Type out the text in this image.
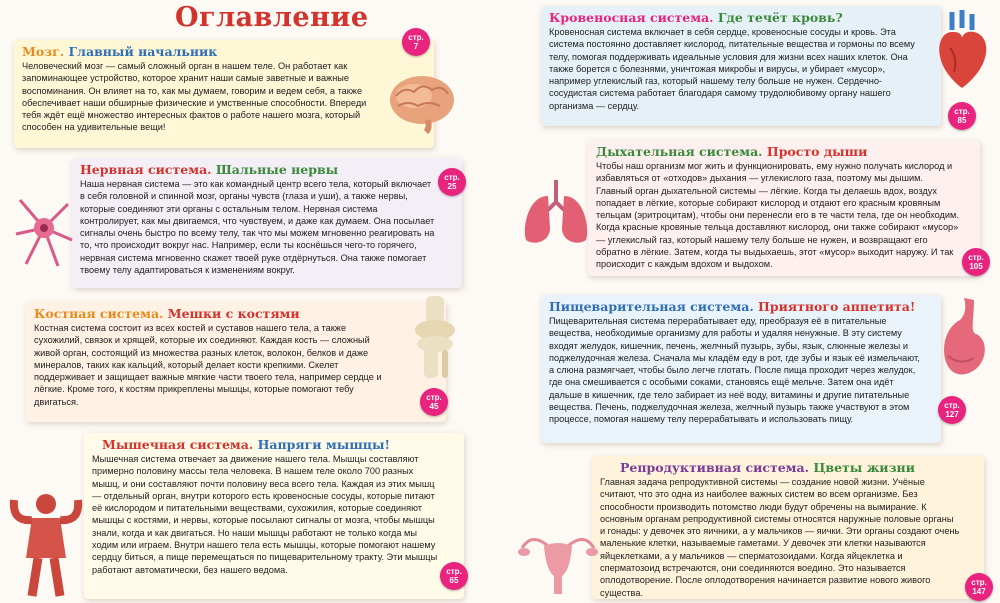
Оглавление
Мозг. Главный начальник
Человеческий мозг — самый сложный орган в нашем теле. Он работает как запоминающее устройство, которое хранит наши самые заветные и важные воспоминания. Он влияет на то, как мы думаем, говорим и ведем себя, а также обеспечивает наши обширные физические и умственные способности. Впереди тебя ждёт ещё множество интересных фактов о работе нашего мозга, который способен на удивительные вещи!
стр.
7
Нервная система. Шальные нервы
Наша нервная система — это как командный центр всего тела, который включает в себя головной и спинной мозг, органы чувств (глаза и уши), а также нервы, которые соединяют эти органы с остальным телом. Нервная система контролирует, как мы двигаемся, что чувствуем, и даже как думаем. Она посылает сигналы очень быстро по всему телу, так что мы можем мгновенно реагировать на то, что происходит вокруг нас. Например, если ты коснёшься чего-то горячего, нервная система мгновенно скажет твоей руке отдёрнуться. Она также помогает твоему телу адаптироваться к изменениям вокруг.
стр.
25
Костная система. Мешки с костями
Костная система состоит из всех костей и суставов нашего тела, а также сухожилий, связок и хрящей, которые их соединяют. Каждая кость — сложный живой орган, состоящий из множества разных клеток, волокон, белков и даже минералов, таких как кальций, который делает кости крепкими. Скелет поддерживает и защищает важные мягкие части твоего тела, например сердце и лёгкие. Кроме того, к костям прикреплены мышцы, которые помогают тебу двигаться.	стр.
45
Мышечная система. Напряги мышцы!
Мышечная система отвечает за движение нашего тела. Мышцы составляют примерно половину массы тела человека. В нашем теле около 700 разных мышц, и они составляют почти половину веса всего тела. Каждая из этих мышц — отдельный орган, внутри которого есть кровеносные сосуды, которые питают её кислородом и питательными веществами, сухожилия, которые соединяют мышцы с костями, и нервы, которые посылают сигналы от мозга, чтобы мышцы знали, когда и как двигаться. Но наши мышцы работают не только когда мы ходим или играем. Внутри нашего тела есть мышцы, которые помогают нашему сердцу биться, а пище перемещаться по пищеварительному тракту. Эти мышцы работают автоматически, без нашего ведома.	стр.
65
Кровеносная система. Где течёт кровь?
Кровеносная система включает в себя сердце, кровеносные сосуды и кровь. Эта система постоянно доставляет кислород, питательные вещества и гормоны по всему телу, помогая поддерживать идеальные условия для жизни всех наших клеток. Она также борется с болезнями, уничтожая микробы и вирусы, и убирает «мусор», например углекислый газ, который нашему телу больше не нужен. Сердечно-сосудистая система работает благодаря самому трудолюбивому органу нашего организма — сердцу.
стр.
85
Дыхательная система. Просто дыши
Чтобы наш организм мог жить и функционировать, ему нужно получать кислород и избавляться от «отходов» дыхания — углекислого газа, поэтому мы дышим. Главный орган дыхательной системы — лёгкие. Когда ты делаешь вдох, воздух попадает в лёгкие, которые собирают кислород и отдают его красным кровяным тельцам (эритроцитам), чтобы они перенесли его в те части тела, где он необходим. Когда красные кровяные тельца доставляют кислород, они также собирают «мусор» — углекислый газ, который нашему телу больше не нужен, и возвращают его обратно в лёгкие. Затем, когда ты выдыхаешь, этот «мусор» выходит наружу. И так происходит с каждым вдохом и выдохом.
стр.
105
Пищеварительная система. Приятного аппетита!
Пищеварительная система перерабатывает еду, преобразуя её в питательные вещества, необходимые организму для работы и удаляя ненужные. В эту систему входят желудок, кишечник, печень, желчный пузырь, зубы, язык, слюнные железы и поджелудочная железа. Сначала мы кладём еду в рот, где зубы и язык её измельчают, а слюна размягчает, чтобы было легче глотать. После пища проходит через желудок, где она смешивается с особыми соками, становясь ещё мельче. Затем она идёт дальше в кишечник, где тело забирает из неё воду, витамины и другие питательные вещества. Печень, поджелудочная железа, желчный пузырь также участвуют в этом процессе, помогая нашему телу перерабатывать и использовать пищу.
стр.
127
Репродуктивная система. Цветы жизни
Главная задача репродуктивной системы — создание новой жизни. Учёные считают, что это одна из наиболее важных систем во всем организме. Без способности производить потомство люди будут обречены на вымирание. К основным органам репродуктивной системы относятся наружные половые органы и гонады: у девочек это яичники, а у мальчиков — яички. Эти органы создают очень маленькие клетки, называемые гаметами. У девочек эти клетки называются яйцеклетками, а у мальчиков — сперматозоидами. Когда яйцеклетка и сперматозоид встречаются, они соединяются воедино. Это называется оплодотворение. После оплодотворения начинается развитие нового живого существа.
стр.
147
